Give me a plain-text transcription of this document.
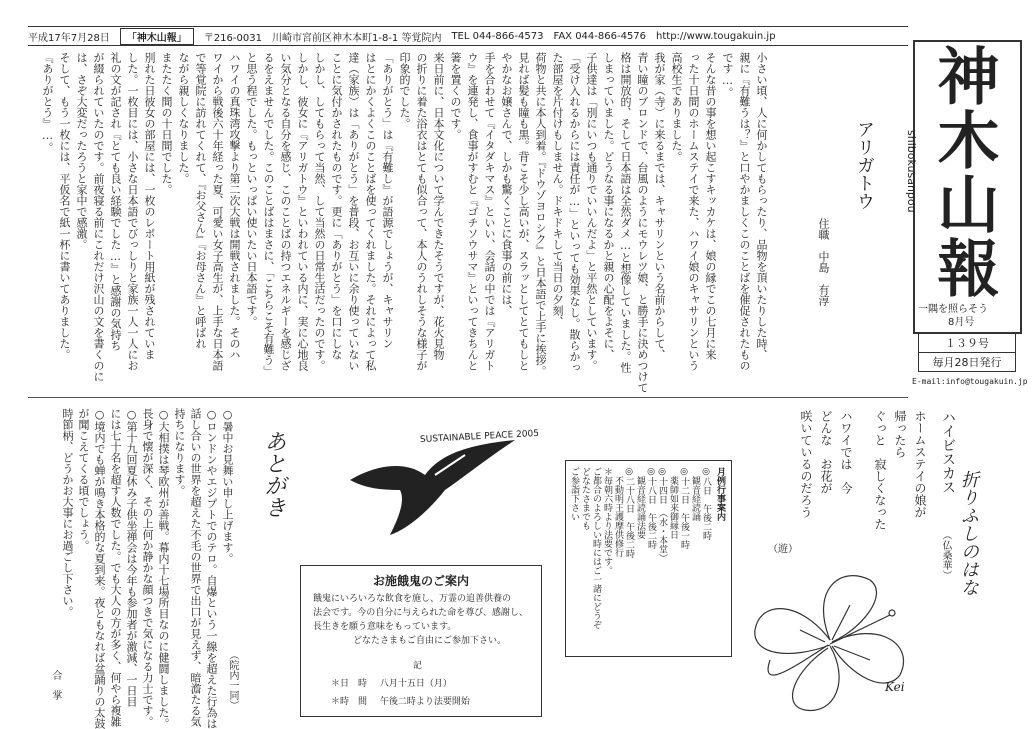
平成17年7月28日	「神木山報」	〒216-0031 川崎市宮前区神木本町1-8-1 等覚院内 TEL 044-866-4573 FAX 044-866-4576 http://www.tougakuin.jp
神木山報
shibokusanpou
一隅を照らそう
8月号
１３９号
毎月28日発行
E-mail:info@tougakuin.jp
アリガトウ
住職　中島　有淳
小さい頃、人に何かしてもらったり、品物を頂いたりした時、
親に『有難うは？』と口やかましくこのことばを催促されたもの
です…。
そんな昔の事を想い起こすキッカケは、娘の縁でこの七月に来
った十日間のホームステイで来た、ハワイ娘のキャサリンという
高校生でありました。
我が家（寺）に来るまでは、キャサリンという名前からして、
青い瞳のブロンドで、台風のようにモウレツ娘、と勝手に決めつけて
格は開放的、そして日本語は全然ダメ…と想像していました。性
しまっていました。どうなる事になるかと親の心配をよそに、
子供達は「別にいつも通りでいいんだよ」と平然としています。
「受け入れるからには責任が…」といっても効果なし。散らかっ
た部屋を片付けもしません。ドキドキして当日の夕刻、
荷物と共に本人到着。『ドウゾヨロシク』と日本語で上手に挨拶。
見れば髪も瞳も黒。背こそ少し高いが、スラッとしてとてもしと
やかなお嬢さんで、しかも驚くことに食事の前には、
手を合わせて『イタダキマス』といい、会話の中では『アリガト
ウ』を連発し、食事がすむと『ゴチソウサマ』といってきちんと
箸を置くのです。
来日前に、日本文化について学んできたそうですが、花火見物
の折りに着た浴衣はとても似合って、本人のうれしそうな様子が
印象的でした。
「ありがとう」は『有難し』が語源でしょうが、キャサリン
はとにかくよくこのことばを使ってくれました。それによって私
達（家族）は「ありがとう」を普段、お互いに余り使っていない
ことに気付かされたものです。更に「ありがとう」を口にしな
しかし、してもらって当然、して当然の日常生活だったのです。
しかし、彼女に『アリガトウ』といわれている内に、実に心地良
い気分となる自分を感じ、このことばの持つエネルギーを感じざ
るをえませんでした。このことばはまさに、「こちらこそ有難う」
と思う程でした。もっといっぱい使いたい日本語です。
ハワイの真珠湾攻撃より第二次大戦は開戦されました。そのハ
ワイから戦後六十年経った夏、可愛い女子高生が、上手な日本語
で等覚院に訪れてくれて、『お父さん』『お母さん』と呼ばれ
ながら親しくなりました。
またたく間の十日間でした。
別れた日彼女の部屋には、一枚のレポート用紙が残されていま
した。一枚目には、小さな日本語でびっしりと家族一人一人にお
礼の文が記され『とても良い経験でした…』と感謝の気持ち
が綴られていたのです。前夜寝る前にこれだけ沢山の文を書くのに
は、さぞ大変だったろうと家中で感激。
そして、もう一枚には、平仮名で紙一杯に書いてありました。
『ありがとう』…。
ハイビスカス
（仏桑華）
ホームステイの娘が
帰ったら
ぐっと　寂しくなった
ハワイでは　今
どんな　お花が
咲いているのだろう
（遊）	折りふしのはな
Kei
SUSTAINABLE PEACE 2005
月例行事案内
◎八日　午後二時
　観音経読誦
◎十二日　午後一時
　薬師如来御縁日
◎十四日　（水・本堂）
◎十八日　午後二時
　観音経読誦法要
◎二十八日　午後二時
　不動明王護摩供修行
＊毎朝六時より法要です。
ご都合のよろしい時にはご一諸にどうぞ
どなたさまでも
ご参詣下さい
お施餓鬼のご案内
餓鬼にいろいろな飲食を施し、万霊の追善供養の
法会です。今の自分に与えられた命を尊び、感謝し、
長生きを願う意味をもっています。
どなたさまもご自由にご参加下さい。
記
＊日　時 八月十五日（月）
＊時　間 午後二時より法要開始
あとがき
○暑中お見舞い申し上げます。
○ロンドンやエジプトでのテロ。自爆という一線を超えた行為は
話し合いの世界を超えた不毛の世界で出口が見えず、暗澹たる気
持ちになります。
○大相撲は琴欧州が善戦。幕内十七場所目なのに健闘しました。
長身で懐が深く、その上何か静かな顔つきで気になる力士です。
○第十九回夏休み子供坐禅会は今年も参加者が激減、一日目
には七十名を超す人数でした。でも大人の方が多く、何やら複雑
○境内でも蝉が鳴き本格的な夏到来。夜ともなれば盆踊りの太鼓
が聞こえてくる頃でしょう。
時節柄、どうかお大事にお過ごし下さい。
（院内一同）
合　掌
